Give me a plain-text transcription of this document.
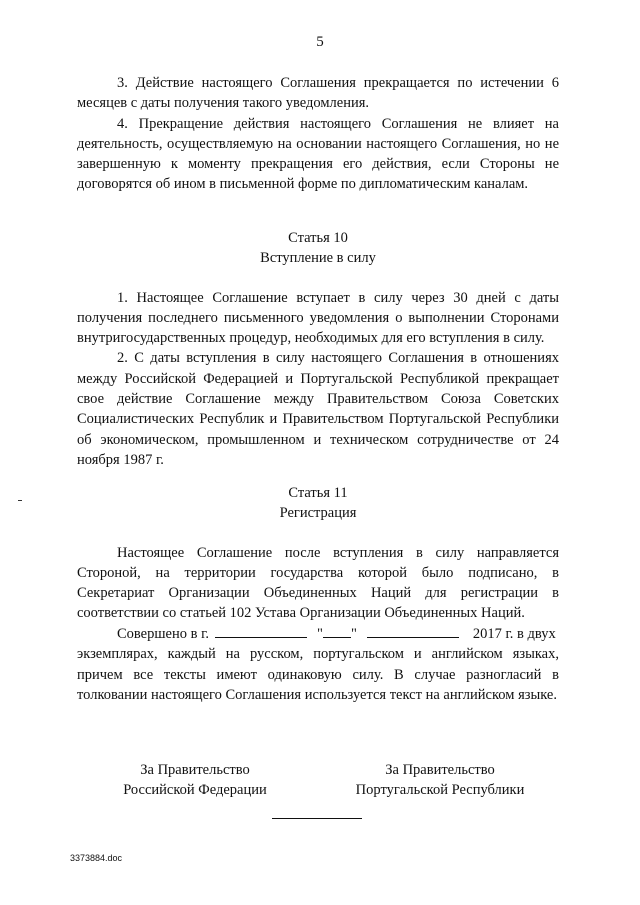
5

3. Действие настоящего Соглашения прекращается по истечении 6 месяцев с даты получения такого уведомления.

4. Прекращение действия настоящего Соглашения не влияет на деятельность, осуществляемую на основании настоящего Соглашения, но не завершенную к моменту прекращения его действия, если Стороны не договорятся об ином в письменной форме по дипломатическим каналам.

Статья 10

Вступление в силу

1. Настоящее Соглашение вступает в силу через 30 дней с даты получения последнего письменного уведомления о выполнении Сторонами внутригосударственных процедур, необходимых для его вступления в силу.

2. С даты вступления в силу настоящего Соглашения в отношениях между Российской Федерацией и Португальской Республикой прекращает свое действие Соглашение между Правительством Союза Советских Социалистических Республик и Правительством Португальской Республики об экономическом, промышленном и техническом сотрудничестве от 24 ноября 1987 г.

Статья 11

Регистрация

Настоящее Соглашение после вступления в силу направляется Стороной, на территории государства которой было подписано, в Секретариат Организации Объединенных Наций для регистрации в соответствии со статьей 102 Устава Организации Объединенных Наций.

Совершено в г.	" "	2017 г. в двух

экземплярах, каждый на русском, португальском и английском языках, причем все тексты имеют одинаковую силу. В случае разногласий в толковании настоящего Соглашения используется текст на английском языке.

За Правительство
Российской Федерации
За Правительство
Португальской Республики
3373884.doc
